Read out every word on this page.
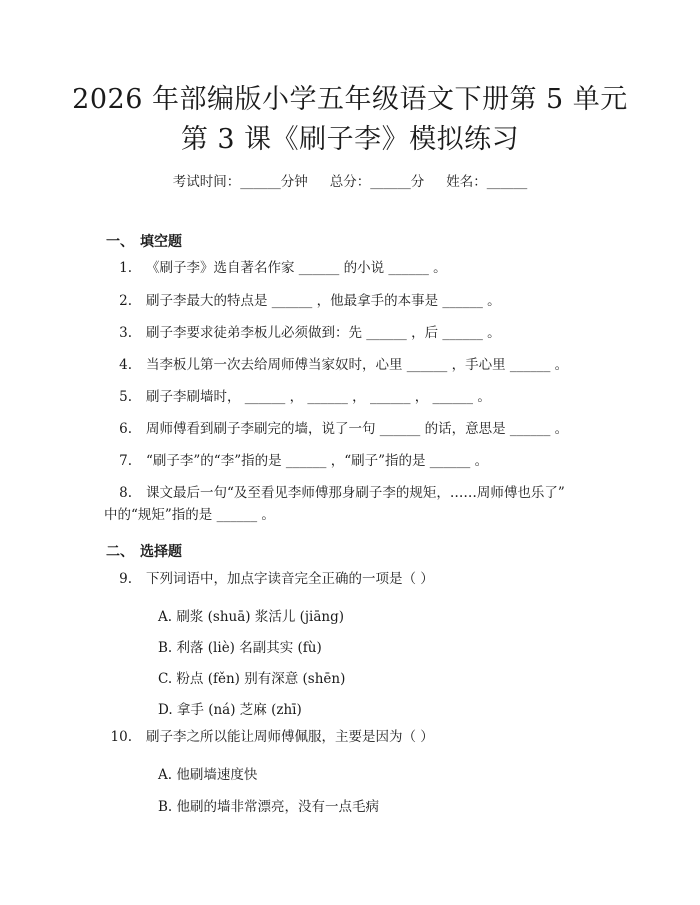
2026 年部编版小学五年级语文下册第 5 单元
第 3 课《刷子李》模拟练习
考试时间：______分钟 总分：______分 姓名：______
一、 填空题
1. 《刷子李》选自著名作家 ______ 的小说 ______ 。
2. 刷子李最大的特点是 ______ ，他最拿手的本事是 ______ 。
3. 刷子李要求徒弟李板儿必须做到：先 ______ ，后 ______ 。
4. 当李板儿第一次去给周师傅当家奴时，心里 ______ ，手心里 ______ 。
5. 刷子李刷墙时， ______ ， ______ ， ______ ， ______ 。
6. 周师傅看到刷子李刷完的墙，说了一句 ______ 的话，意思是 ______ 。
7. “刷子李”的“李”指的是 ______ ，“刷子”指的是 ______ 。
8. 课文最后一句“及至看见李师傅那身刷子李的规矩，……周师傅也乐了”
中的“规矩”指的是 ______ 。
二、 选择题
9. 下列词语中，加点字读音完全正确的一项是（ ）
A. 刷浆 (shuā) 浆活儿 (jiāng)
B. 利落 (liè) 名副其实 (fù)
C. 粉点 (fěn) 别有深意 (shēn)
D. 拿手 (ná) 芝麻 (zhī)
10. 刷子李之所以能让周师傅佩服，主要是因为（ ）
A. 他刷墙速度快
B. 他刷的墙非常漂亮，没有一点毛病
